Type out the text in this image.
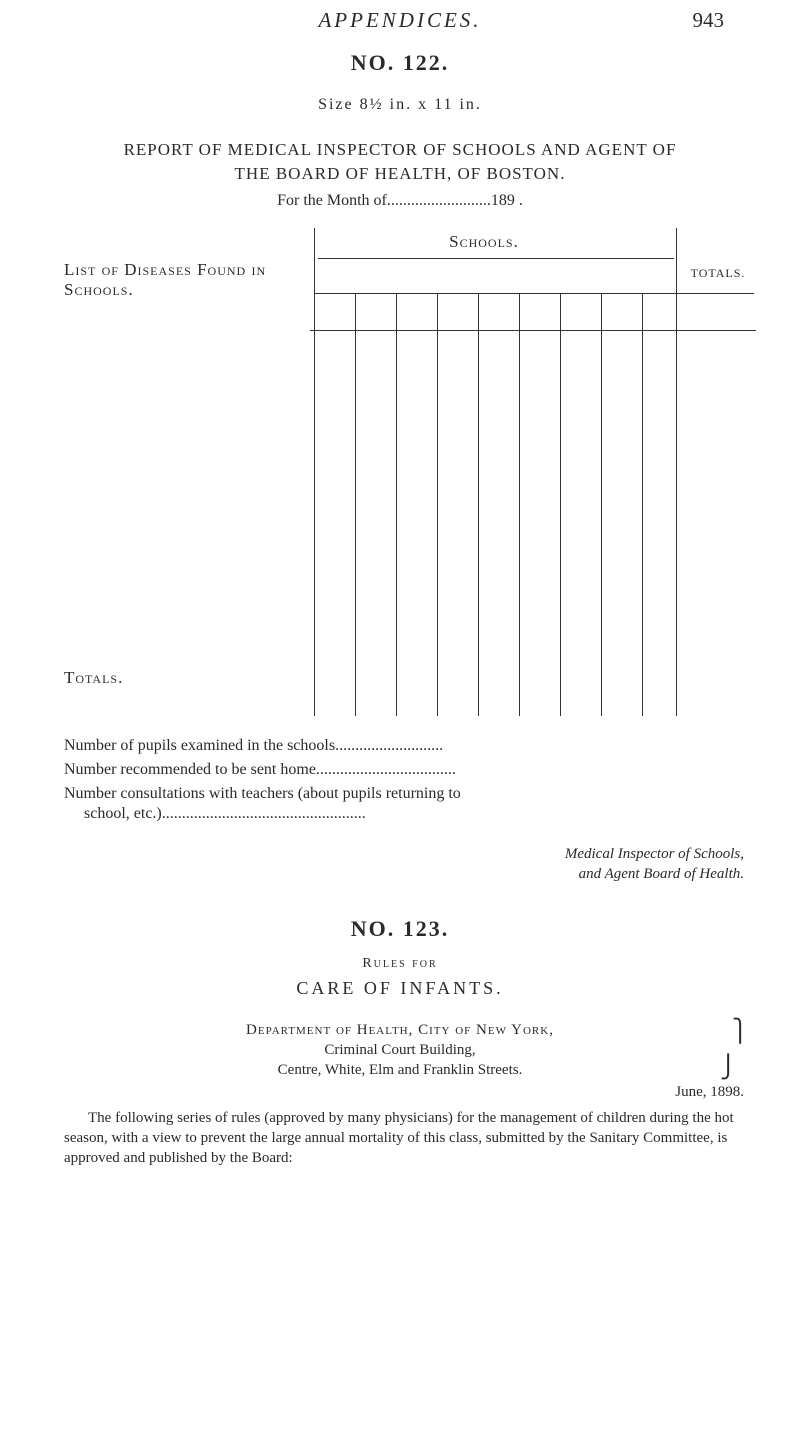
APPENDICES.	943
NO. 122.
Size 8½ in. x 11 in.
REPORT OF MEDICAL INSPECTOR OF SCHOOLS AND AGENT OF
THE BOARD OF HEALTH, OF BOSTON.
For the Month of..........................189 .
List of Diseases Found in Schools.
Schools.
TOTALS.
Totals.
Number of pupils examined in the schools...........................
Number recommended to be sent home...................................
Number consultations with teachers (about pupils returning to
school, etc.)...................................................
Medical Inspector of Schools,
and Agent Board of Health.
NO. 123.
Rules for
CARE OF INFANTS.
Department of Health, City of New York,
Criminal Court Building,
Centre, White, Elm and Franklin Streets.
⎫
⎭
June, 1898.
The following series of rules (approved by many physicians) for the management of children during the hot season, with a view to prevent the large annual mortality of this class, submitted by the Sanitary Committee, is approved and published by the Board:
